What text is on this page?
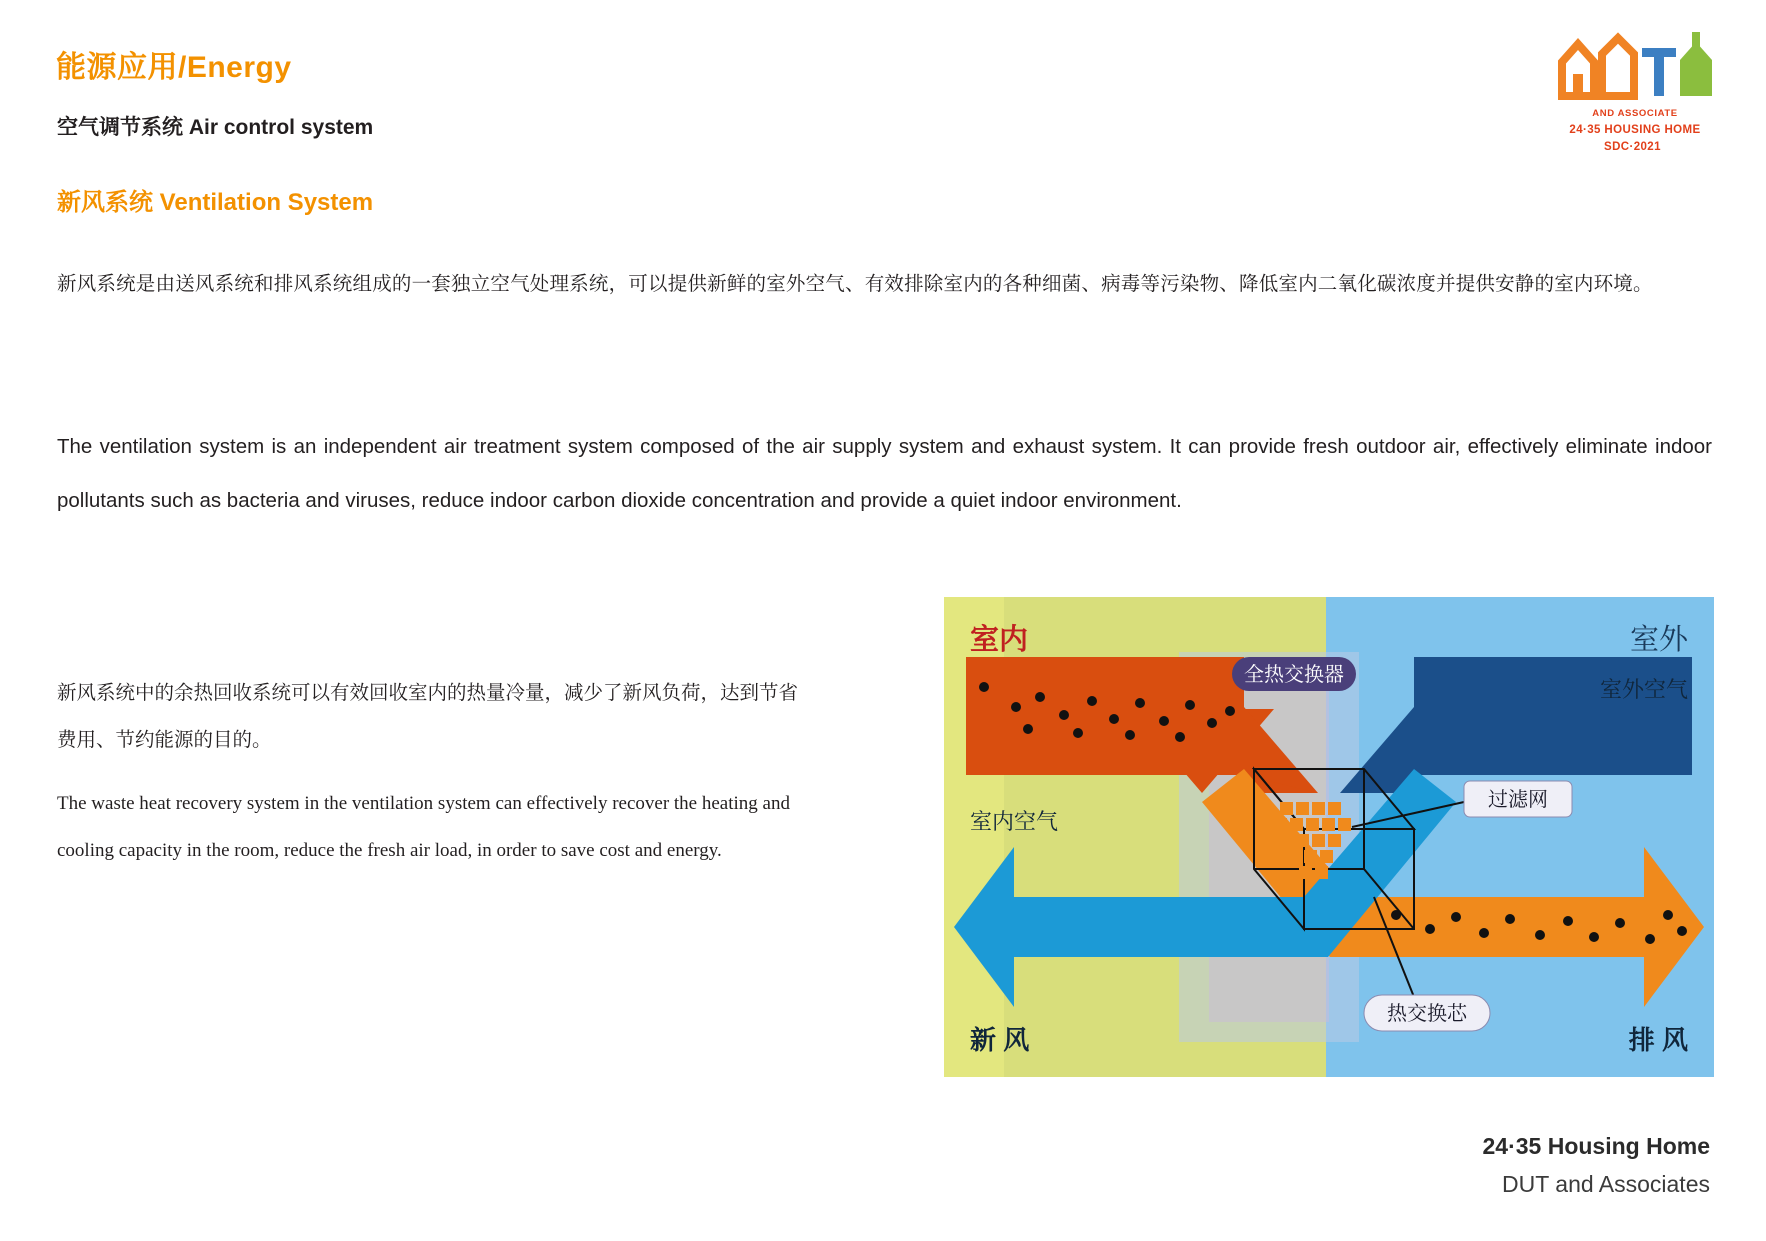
能源应用/Energy
空气调节系统 Air control system
新风系统 Ventilation System
AND ASSOCIATE
24·35 HOUSING HOME
SDC·2021
新风系统是由送风系统和排风系统组成的一套独立空气处理系统，可以提供新鲜的室外空气、有效排除室内的各种细菌、病毒等污染物、降低室内二氧化碳浓度并提供安静的室内环境。
The ventilation system is an independent air treatment system composed of the air supply system and exhaust system. It can provide fresh outdoor air, effectively eliminate indoor pollutants such as bacteria and viruses, reduce indoor carbon dioxide concentration and provide a quiet indoor environment.
新风系统中的余热回收系统可以有效回收室内的热量冷量，减少了新风负荷，达到节省费用、节约能源的目的。
The waste heat recovery system in the ventilation system can effectively recover the heating and cooling capacity in the room, reduce the fresh air load, in order to save cost and energy.
室内	室外
室外空气
室内空气
新 风	排 风
全热交换器
过滤网
热交换芯
24·35 Housing Home
DUT and Associates
